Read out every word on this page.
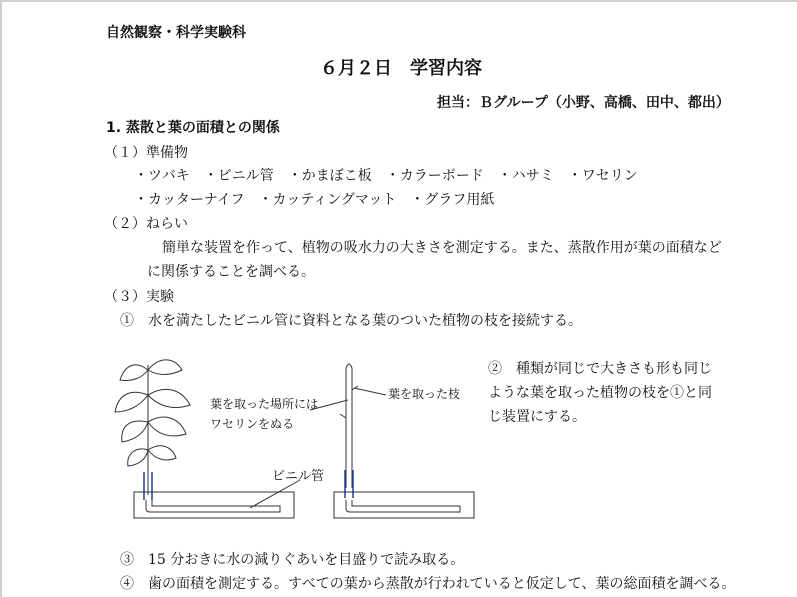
自然観察・科学実験科
６月２日　学習内容
担当：Ｂグループ（小野、高橋、田中、都出）
1. 蒸散と葉の面積との関係
（１）準備物
・ツバキ　・ビニル管　・かまぼこ板　・カラーボード　・ハサミ　・ワセリン
・カッターナイフ　・カッティングマット　・グラフ用紙
（２）ねらい
簡単な装置を作って、植物の吸水力の大きさを測定する。また、蒸散作用が葉の面積など
に関係することを調べる。
（３）実験
①　水を満たしたビニル管に資料となる葉のついた植物の枝を接続する。
②　種類が同じで大きさも形も同じ
ような葉を取った植物の枝を①と同
じ装置にする。
葉を取った場所には
ワセリンをぬる
葉を取った枝
ビニル管
③　15 分おきに水の減りぐあいを目盛りで読み取る。
④　歯の面積を測定する。すべての葉から蒸散が行われていると仮定して、葉の総面積を調べる。
